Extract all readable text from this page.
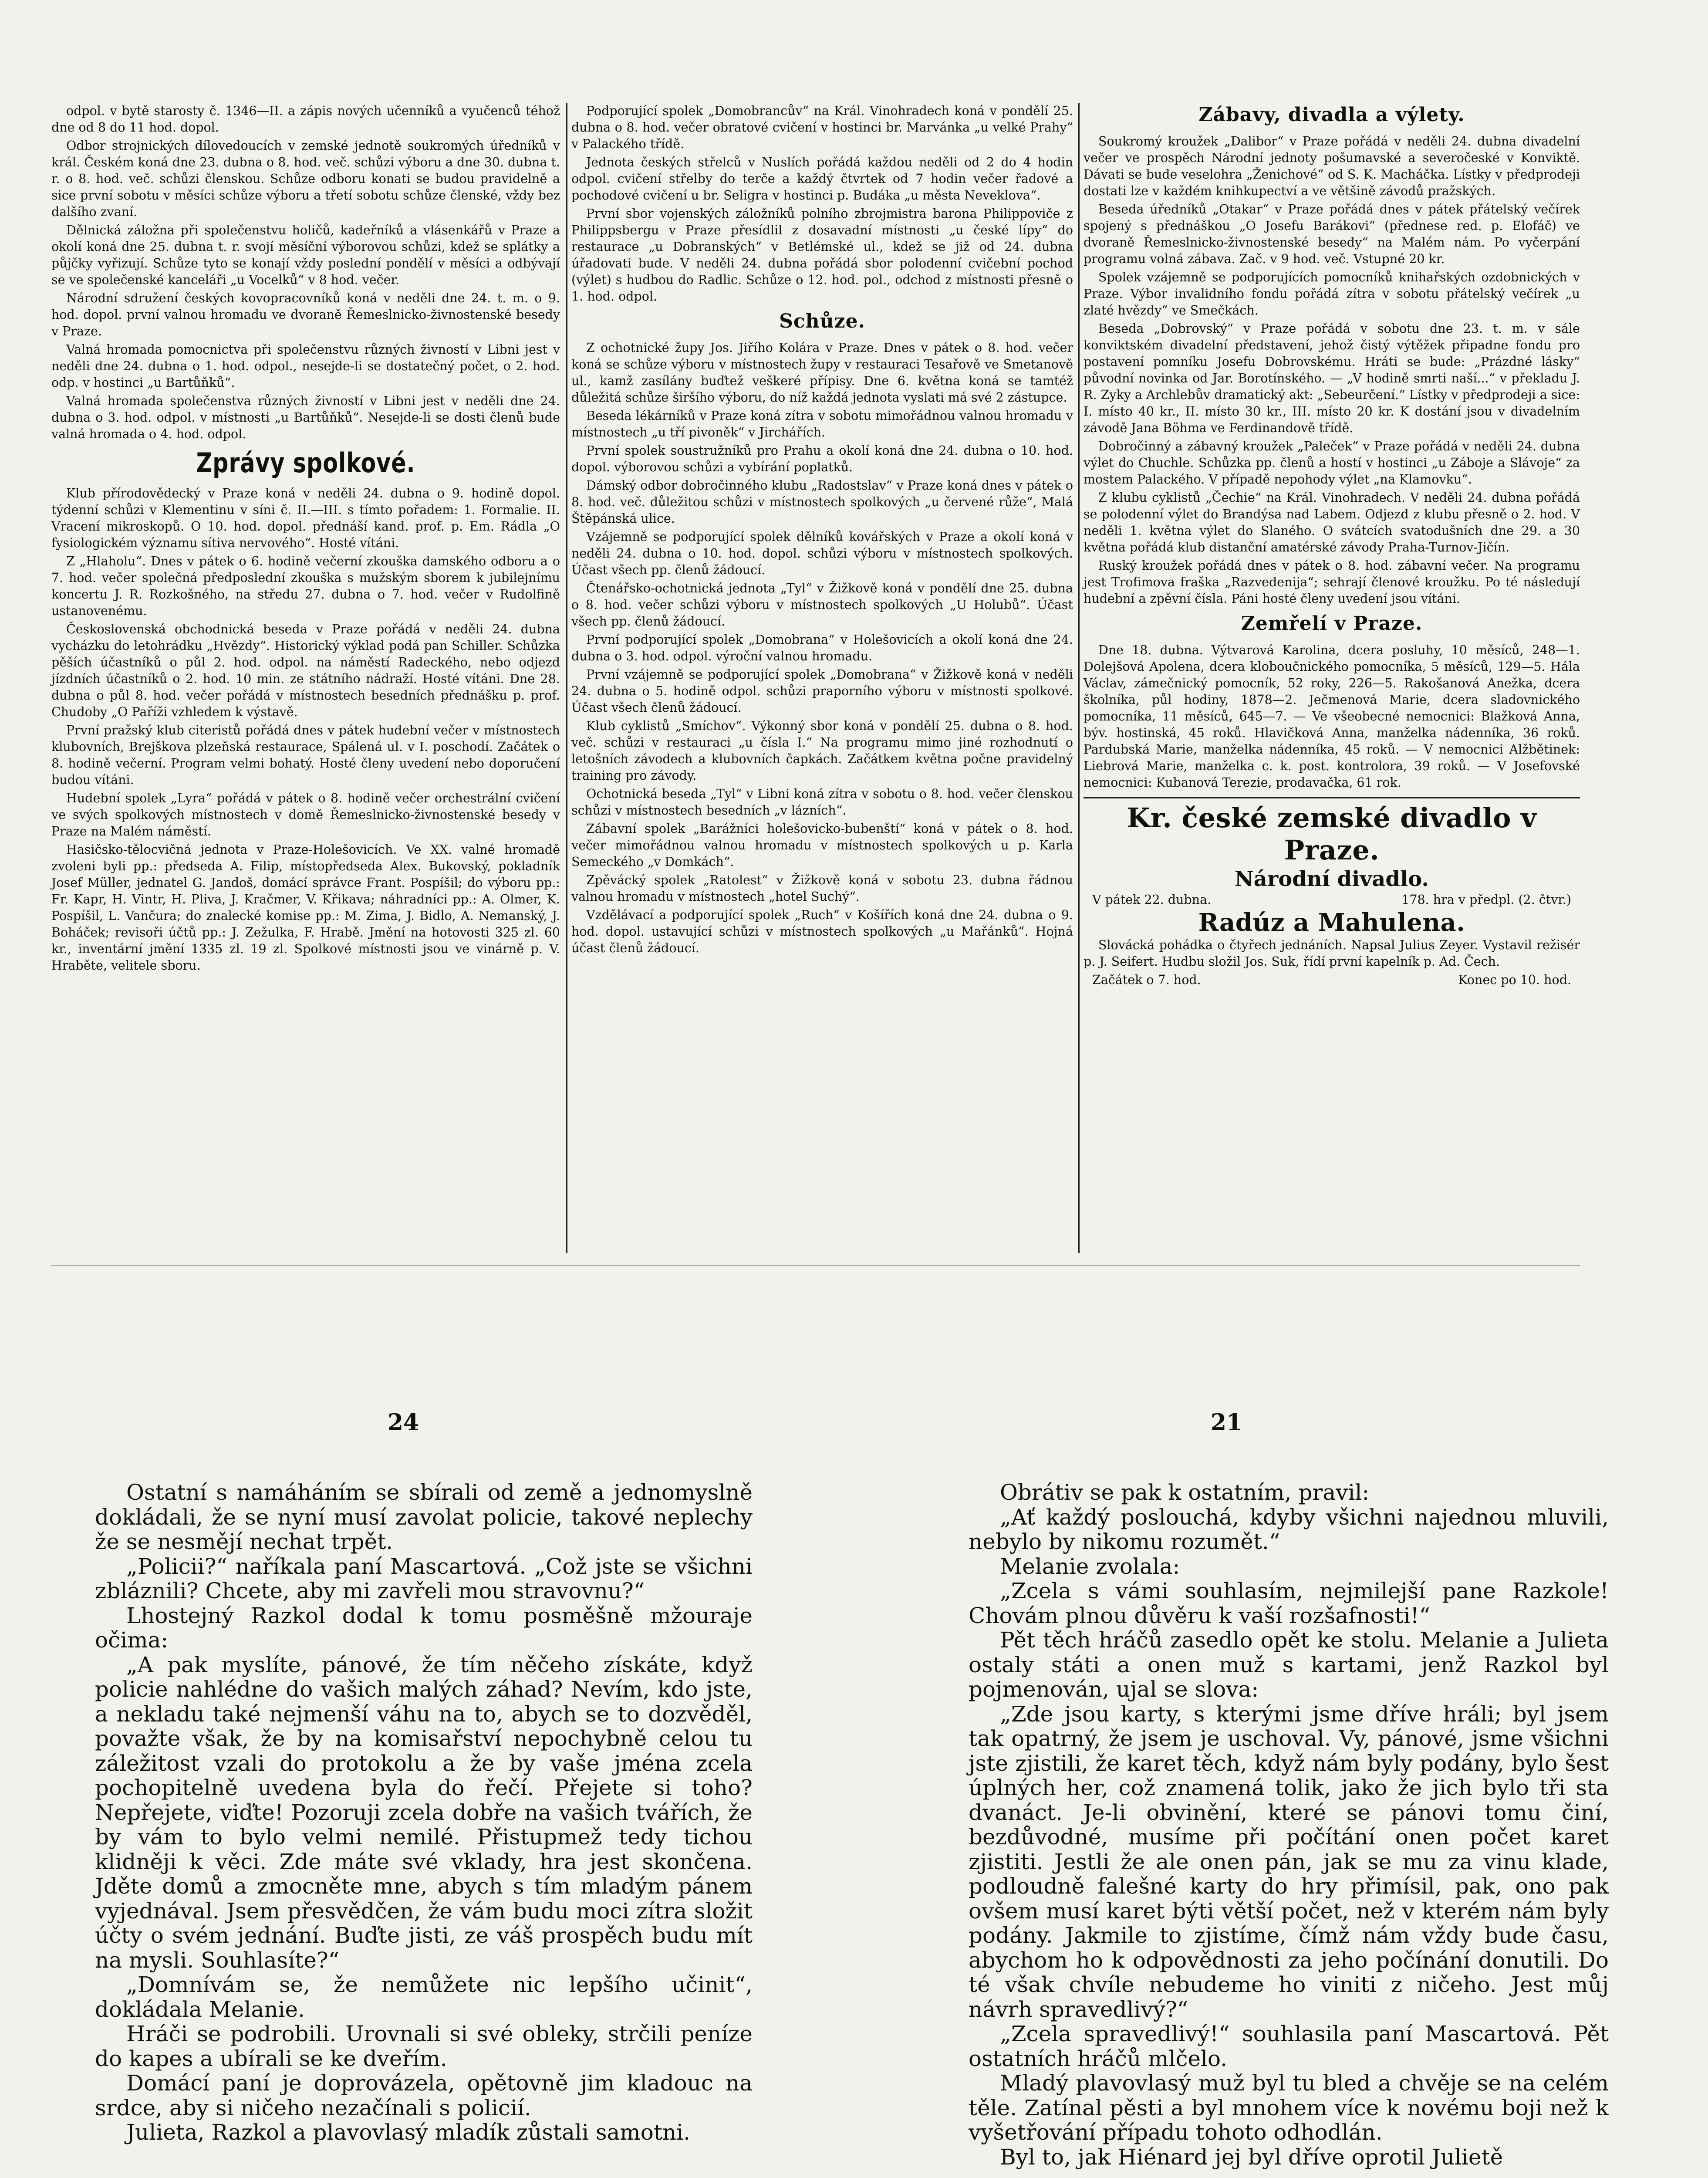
odpol. v bytě starosty č. 1346—II. a zápis nových učenníků a vyučenců téhož dne od 8 do 11 hod. dopol.

Odbor strojnických dílovedoucích v zemské jednotě soukromých úředníků v král. Českém koná dne 23. dubna o 8. hod. več. schůzi výboru a dne 30. dubna t. r. o 8. hod. več. schůzi členskou. Schůze odboru konati se budou pravidelně a sice první sobotu v měsíci schůze výboru a třetí sobotu schůze členské, vždy bez dalšího zvaní.

Dělnická záložna při společenstvu holičů, kadeřníků a vlásenkářů v Praze a okolí koná dne 25. dubna t. r. svojí měsíční výborovou schůzi, kdež se splátky a půjčky vyřizují. Schůze tyto se konají vždy poslední pondělí v měsíci a odbývají se ve společenské kanceláři „u Vocelků“ v 8 hod. večer.

Národní sdružení českých kovopracovníků koná v neděli dne 24. t. m. o 9. hod. dopol. první valnou hromadu ve dvoraně Řemeslnicko-živnostenské besedy v Praze.

Valná hromada pomocnictva při společenstvu různých živností v Libni jest v neděli dne 24. dubna o 1. hod. odpol., nesejde-li se dostatečný počet, o 2. hod. odp. v hostinci „u Bartůňků“.

Valná hromada společenstva různých živností v Libni jest v neděli dne 24. dubna o 3. hod. odpol. v místnosti „u Bartůňků“. Nesejde-li se dosti členů bude valná hromada o 4. hod. odpol.

Zprávy spolkové.

Klub přírodovědecký v Praze koná v neděli 24. dubna o 9. hodině dopol. týdenní schůzi v Klementinu v síni č. II.—III. s tímto pořadem: 1. Formalie. II. Vracení mikroskopů. O 10. hod. dopol. přednáší kand. prof. p. Em. Rádla „O fysiologickém významu sítiva nervového“. Hosté vítáni.

Z „Hlaholu“. Dnes v pátek o 6. hodině večerní zkouška damského odboru a o 7. hod. večer společná předposlední zkouška s mužským sborem k jubilejnímu koncertu J. R. Rozkošného, na středu 27. dubna o 7. hod. večer v Rudolfině ustanovenému.

Československá obchodnická beseda v Praze pořádá v neděli 24. dubna vycházku do letohrádku „Hvězdy“. Historický výklad podá pan Schiller. Schůzka pěších účastníků o půl 2. hod. odpol. na náměstí Radeckého, nebo odjezd jízdních účastníků o 2. hod. 10 min. ze státního nádraží. Hosté vítáni. Dne 28. dubna o půl 8. hod. večer pořádá v místnostech besedních přednášku p. prof. Chudoby „O Paříži vzhledem k výstavě.

První pražský klub citeristů pořádá dnes v pátek hudební večer v místnostech klubovních, Brejškova plzeňská restaurace, Spálená ul. v I. poschodí. Začátek o 8. hodině večerní. Program velmi bohatý. Hosté členy uvedení nebo doporučení budou vítáni.

Hudební spolek „Lyra“ pořádá v pátek o 8. hodině večer orchestrální cvičení ve svých spolkových místnostech v domě Řemeslnicko-živnostenské besedy v Praze na Malém náměstí.

Hasičsko-tělocvičná jednota v Praze-Holešovicích. Ve XX. valné hromadě zvoleni byli pp.: předseda A. Filip, místopředseda Alex. Bukovský, pokladník Josef Müller, jednatel G. Jandoš, domácí správce Frant. Pospíšil; do výboru pp.: Fr. Kapr, H. Vintr, H. Pliva, J. Kračmer, V. Křikava; náhradníci pp.: A. Olmer, K. Pospíšil, L. Vančura; do znalecké komise pp.: M. Zima, J. Bidlo, A. Nemanský, J. Boháček; revisoři účtů pp.: J. Zežulka, F. Hrabě. Jmění na hotovosti 325 zl. 60 kr., inventární jmění 1335 zl. 19 zl. Spolkové místnosti jsou ve vinárně p. V. Hraběte, velitele sboru.

Podporující spolek „Domobrancův“ na Král. Vinohradech koná v pondělí 25. dubna o 8. hod. večer obratové cvičení v hostinci br. Marvánka „u velké Prahy“ v Palackého třídě.

Jednota českých střelců v Nuslích pořádá každou neděli od 2 do 4 hodin odpol. cvičení střelby do terče a každý čtvrtek od 7 hodin večer řadové a pochodové cvičení u br. Seligra v hostinci p. Budáka „u města Neveklova“.

První sbor vojenských záložníků polního zbrojmistra barona Philippoviče z Philippsbergu v Praze přesídlil z dosavadní místnosti „u české lípy“ do restaurace „u Dobranských“ v Betlémské ul., kdež se již od 24. dubna úřadovati bude. V neděli 24. dubna pořádá sbor polodenní cvičební pochod (výlet) s hudbou do Radlic. Schůze o 12. hod. pol., odchod z místnosti přesně o 1. hod. odpol.

Schůze.

Z ochotnické župy Jos. Jiřího Kolára v Praze. Dnes v pátek o 8. hod. večer koná se schůze výboru v místnostech župy v restauraci Tesařově ve Smetanově ul., kamž zasílány buďtež veškeré přípisy. Dne 6. května koná se tamtéž důležitá schůze širšího výboru, do níž každá jednota vyslati má své 2 zástupce.

Beseda lékárníků v Praze koná zítra v sobotu mimořádnou valnou hromadu v místnostech „u tří pivoněk“ v Jirchářích.

První spolek soustružníků pro Prahu a okolí koná dne 24. dubna o 10. hod. dopol. výborovou schůzi a vybírání poplatků.

Dámský odbor dobročinného klubu „Radostslav“ v Praze koná dnes v pátek o 8. hod. več. důležitou schůzi v místnostech spolkových „u červené růže“, Malá Štěpánská ulice.

Vzájemně se podporující spolek dělníků kovářských v Praze a okolí koná v neděli 24. dubna o 10. hod. dopol. schůzi výboru v místnostech spolkových. Účast všech pp. členů žádoucí.

Čtenářsko-ochotnická jednota „Tyl“ v Žižkově koná v pondělí dne 25. dubna o 8. hod. večer schůzi výboru v místnostech spolkových „U Holubů“. Účast všech pp. členů žádoucí.

První podporující spolek „Domobrana“ v Holešovicích a okolí koná dne 24. dubna o 3. hod. odpol. výroční valnou hromadu.

První vzájemně se podporující spolek „Domobrana“ v Žižkově koná v neděli 24. dubna o 5. hodině odpol. schůzi praporního výboru v místnosti spolkové. Účast všech členů žádoucí.

Klub cyklistů „Smíchov“. Výkonný sbor koná v pondělí 25. dubna o 8. hod. več. schůzi v restauraci „u čísla I.“ Na programu mimo jiné rozhodnutí o letošních závodech a klubovních čapkách. Začátkem května počne pravidelný training pro závody.

Ochotnická beseda „Tyl“ v Libni koná zítra v sobotu o 8. hod. večer členskou schůzi v místnostech besedních „v lázních“.

Zábavní spolek „Barážníci holešovicko-bubenští“ koná v pátek o 8. hod. večer mimořádnou valnou hromadu v místnostech spolkových u p. Karla Semeckého „v Domkách“.

Zpěvácký spolek „Ratolest“ v Žižkově koná v sobotu 23. dubna řádnou valnou hromadu v místnostech „hotel Suchý“.

Vzdělávací a podporující spolek „Ruch“ v Košířích koná dne 24. dubna o 9. hod. dopol. ustavující schůzi v místnostech spolkových „u Mařánků“. Hojná účast členů žádoucí.

Zábavy, divadla a výlety.

Soukromý kroužek „Dalibor“ v Praze pořádá v neděli 24. dubna divadelní večer ve prospěch Národní jednoty pošumavské a severočeské v Konviktě. Dávati se bude veselohra „Ženichové“ od S. K. Macháčka. Lístky v předprodeji dostati lze v každém knihkupectví a ve většině závodů pražských.

Beseda úředníků „Otakar“ v Praze pořádá dnes v pátek přátelský večírek spojený s přednáškou „O Josefu Barákovi“ (přednese red. p. Elofáč) ve dvoraně Řemeslnicko-živnostenské besedy“ na Malém nám. Po vyčerpání programu volná zábava. Zač. v 9 hod. več. Vstupné 20 kr.

Spolek vzájemně se podporujících pomocníků knihařských ozdobnických v Praze. Výbor invalidního fondu pořádá zítra v sobotu přátelský večírek „u zlaté hvězdy“ ve Smečkách.

Beseda „Dobrovský“ v Praze pořádá v sobotu dne 23. t. m. v sále konviktském divadelní představení, jehož čistý výtěžek připadne fondu pro postavení pomníku Josefu Dobrovskému. Hráti se bude: „Prázdné lásky“ původní novinka od Jar. Borotínského. — „V hodině smrti naší...“ v překladu J. R. Zyky a Archlebův dramatický akt: „Sebeurčení.“ Lístky v předprodeji a sice: I. místo 40 kr., II. místo 30 kr., III. místo 20 kr. K dostání jsou v divadelním závodě Jana Böhma ve Ferdinandově třídě.

Dobročinný a zábavný kroužek „Paleček“ v Praze pořádá v neděli 24. dubna výlet do Chuchle. Schůzka pp. členů a hostí v hostinci „u Záboje a Slávoje“ za mostem Palackého. V případě nepohody výlet „na Klamovku“.

Z klubu cyklistů „Čechie“ na Král. Vinohradech. V neděli 24. dubna pořádá se polodenní výlet do Brandýsa nad Labem. Odjezd z klubu přesně o 2. hod. V neděli 1. května výlet do Slaného. O svátcích svatodušních dne 29. a 30 května pořádá klub distanční amatérské závody Praha-Turnov-Jičín.

Ruský kroužek pořádá dnes v pátek o 8. hod. zábavní večer. Na programu jest Trofimova fraška „Razvedenija“; sehrají členové kroužku. Po té následují hudební a zpěvní čísla. Páni hosté členy uvedení jsou vítáni.

Zemřelí v Praze.

Dne 18. dubna. Výtvarová Karolina, dcera posluhy, 10 měsíců, 248—1. Dolejšová Apolena, dcera kloboučnického pomocníka, 5 měsíců, 129—5. Hála Václav, zámečnický pomocník, 52 roky, 226—5. Rakošanová Anežka, dcera školníka, půl hodiny, 1878—2. Ječmenová Marie, dcera sladovnického pomocníka, 11 měsíců, 645—7. — Ve všeobecné nemocnici: Blažková Anna, býv. hostinská, 45 roků. Hlavičková Anna, manželka nádenníka, 36 roků. Pardubská Marie, manželka nádenníka, 45 roků. — V nemocnici Alžbětinek: Liebrová Marie, manželka c. k. post. kontrolora, 39 roků. — V Josefovské nemocnici: Kubanová Terezie, prodavačka, 61 rok.

Kr. české zemské divadlo v Praze.
Národní divadlo.
V pátek 22. dubna.	178. hra v předpl. (2. čtvr.)
Radúz a Mahulena.

Slovácká pohádka o čtyřech jednáních. Napsal Julius Zeyer. Vystavil režisér p. J. Seifert. Hudbu složil Jos. Suk, řídí první kapelník p. Ad. Čech.

Začátek o 7. hod.	Konec po 10. hod.
24	21

Ostatní s namáháním se sbírali od země a jednomyslně dokládali, že se nyní musí zavolat policie, takové neplechy že se nesmějí nechat trpět.

„Policii?“ naříkala paní Mascartová. „Což jste se všichni zbláznili? Chcete, aby mi zavřeli mou stravovnu?“

Lhostejný Razkol dodal k tomu posměšně mžouraje očima:

„A pak myslíte, pánové, že tím něčeho získáte, když policie nahlédne do vašich malých záhad? Nevím, kdo jste, a nekladu také nejmenší váhu na to, abych se to dozvěděl, považte však, že by na komisařství nepochybně celou tu záležitost vzali do protokolu a že by vaše jména zcela pochopitelně uvedena byla do řečí. Přejete si toho? Nepřejete, viďte! Pozoruji zcela dobře na vašich tvářích, že by vám to bylo velmi nemilé. Přistupmež tedy tichou klidněji k věci. Zde máte své vklady, hra jest skončena. Jděte domů a zmocněte mne, abych s tím mladým pánem vyjednával. Jsem přesvědčen, že vám budu moci zítra složit účty o svém jednání. Buďte jisti, ze váš prospěch budu mít na mysli. Souhlasíte?“

„Domnívám se, že nemůžete nic lepšího učinit“, dokládala Melanie.

Hráči se podrobili. Urovnali si své obleky, strčili peníze do kapes a ubírali se ke dveřím.

Domácí paní je doprovázela, opětovně jim kladouc na srdce, aby si ničeho nezačínali s policií.

Julieta, Razkol a plavovlasý mladík zůstali samotni.

Obrátiv se pak k ostatním, pravil:

„Ať každý poslouchá, kdyby všichni najednou mluvili, nebylo by nikomu rozumět.“

Melanie zvolala:

„Zcela s vámi souhlasím, nejmilejší pane Razkole! Chovám plnou důvěru k vaší rozšafnosti!“

Pět těch hráčů zasedlo opět ke stolu. Melanie a Julieta ostaly státi a onen muž s kartami, jenž Razkol byl pojmenován, ujal se slova:

„Zde jsou karty, s kterými jsme dříve hráli; byl jsem tak opatrný, že jsem je uschoval. Vy, pánové, jsme všichni jste zjistili, že karet těch, když nám byly podány, bylo šest úplných her, což znamená tolik, jako že jich bylo tři sta dvanáct. Je-li obvinění, které se pánovi tomu činí, bezdůvodné, musíme při počítání onen počet karet zjistiti. Jestli že ale onen pán, jak se mu za vinu klade, podloudně falešné karty do hry přimísil, pak, ono pak ovšem musí karet býti větší počet, než v kterém nám byly podány. Jakmile to zjistíme, čímž nám vždy bude času, abychom ho k odpovědnosti za jeho počínání donutili. Do té však chvíle nebudeme ho viniti z ničeho. Jest můj návrh spravedlivý?“

„Zcela spravedlivý!“ souhlasila paní Mascartová. Pět ostatních hráčů mlčelo.

Mladý plavovlasý muž byl tu bled a chvěje se na celém těle. Zatínal pěsti a byl mnohem více k novému boji než k vyšetřování případu tohoto odhodlán.

Byl to, jak Hiénard jej byl dříve oprotil Julietě
